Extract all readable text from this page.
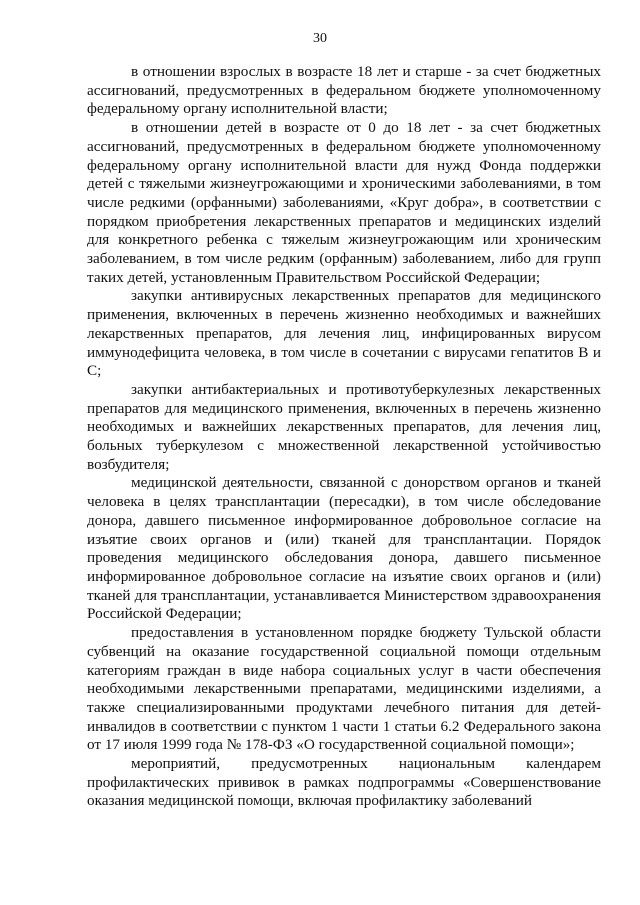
30

в отношении взрослых в возрасте 18 лет и старше - за счет бюджетных ассигнований, предусмотренных в федеральном бюджете уполномоченному федеральному органу исполнительной власти;

в отношении детей в возрасте от 0 до 18 лет - за счет бюджетных ассигнований, предусмотренных в федеральном бюджете уполномоченному федеральному органу исполнительной власти для нужд Фонда поддержки детей с тяжелыми жизнеугрожающими и хроническими заболеваниями, в том числе редкими (орфанными) заболеваниями, «Круг добра», в соответствии с порядком приобретения лекарственных препаратов и медицинских изделий для конкретного ребенка с тяжелым жизнеугрожающим или хроническим заболеванием, в том числе редким (орфанным) заболеванием, либо для групп таких детей, установленным Правительством Российской Федерации;

закупки антивирусных лекарственных препаратов для медицинского применения, включенных в перечень жизненно необходимых и важнейших лекарственных препаратов, для лечения лиц, инфицированных вирусом иммунодефицита человека, в том числе в сочетании с вирусами гепатитов B и C;

закупки антибактериальных и противотуберкулезных лекарственных препаратов для медицинского применения, включенных в перечень жизненно необходимых и важнейших лекарственных препаратов, для лечения лиц, больных туберкулезом с множественной лекарственной устойчивостью возбудителя;

медицинской деятельности, связанной с донорством органов и тканей человека в целях трансплантации (пересадки), в том числе обследование донора, давшего письменное информированное добровольное согласие на изъятие своих органов и (или) тканей для трансплантации. Порядок проведения медицинского обследования донора, давшего письменное информированное добровольное согласие на изъятие своих органов и (или) тканей для трансплантации, устанавливается Министерством здравоохранения Российской Федерации;

предоставления в установленном порядке бюджету Тульской области субвенций на оказание государственной социальной помощи отдельным категориям граждан в виде набора социальных услуг в части обеспечения необходимыми лекарственными препаратами, медицинскими изделиями, а также специализированными продуктами лечебного питания для детей-инвалидов в соответствии с пунктом 1 части 1 статьи 6.2 Федерального закона от 17 июля 1999 года № 178-ФЗ «О государственной социальной помощи»;

мероприятий, предусмотренных национальным календарем профилактических прививок в рамках подпрограммы «Совершенствование оказания медицинской помощи, включая профилактику заболеваний
